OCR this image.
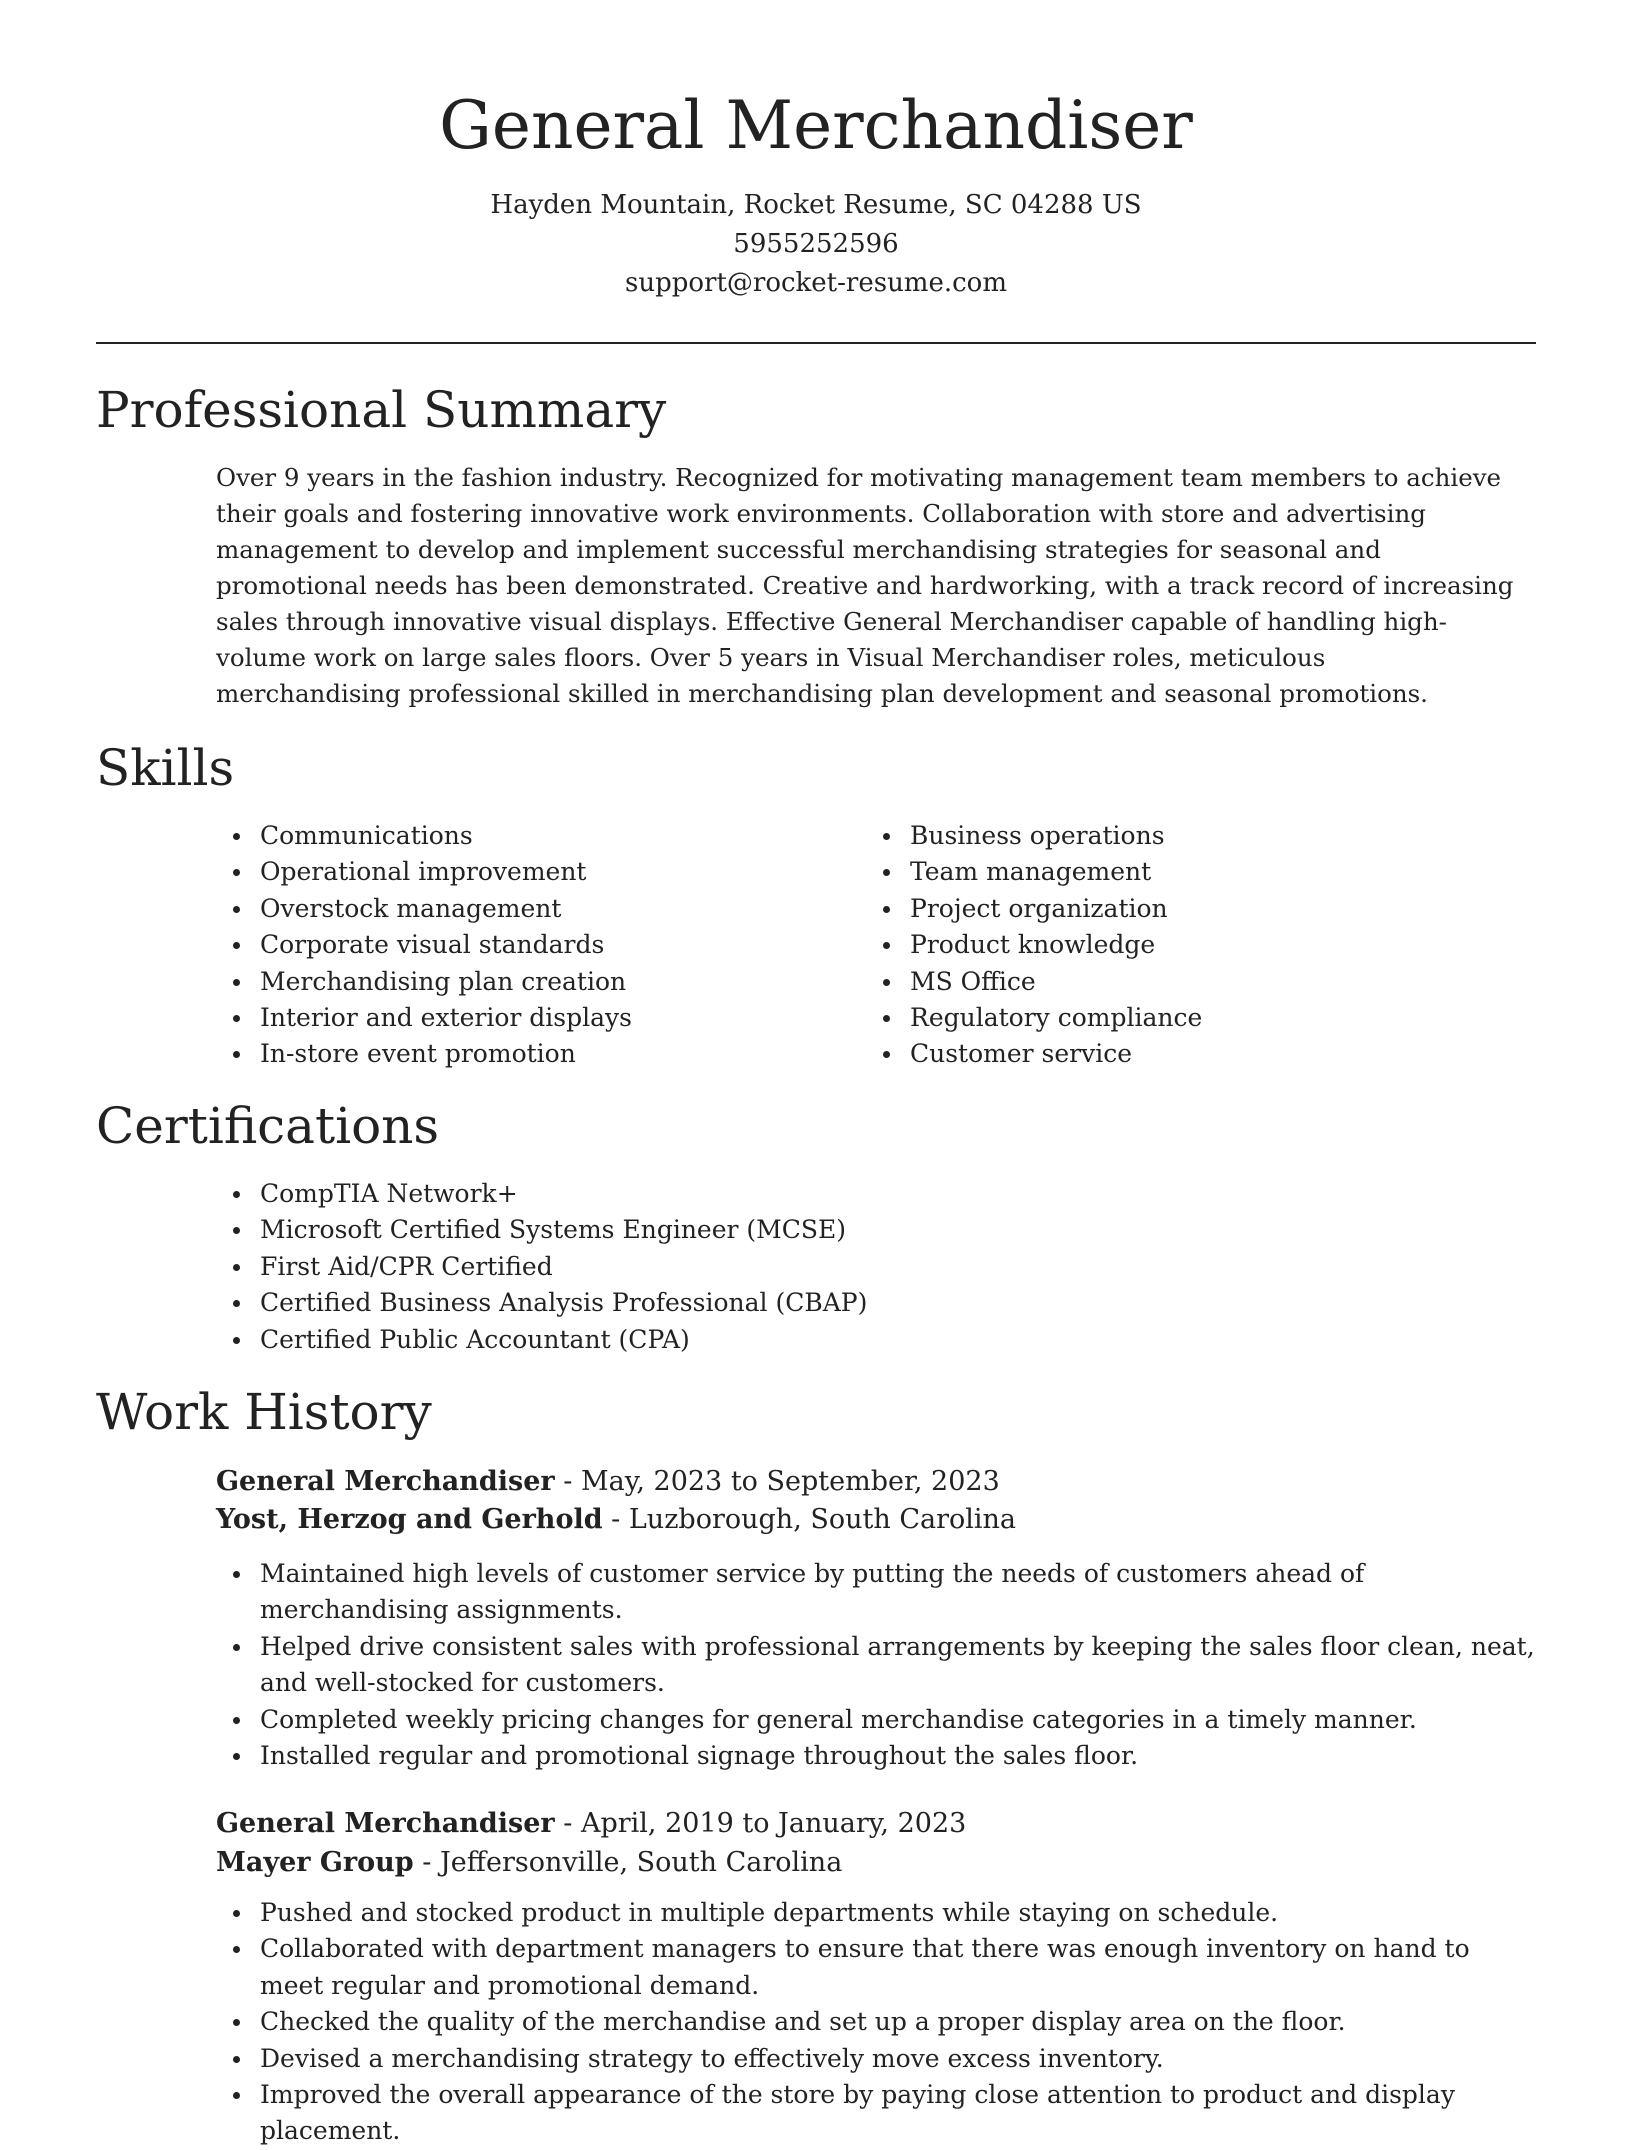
General Merchandiser
Hayden Mountain, Rocket Resume, SC 04288 US
5955252596
support@rocket-resume.com
Professional Summary

Over 9 years in the fashion industry. Recognized for motivating management team members to achieve their goals and fostering innovative work environments. Collaboration with store and advertising management to develop and implement successful merchandising strategies for seasonal and promotional needs has been demonstrated. Creative and hardworking, with a track record of increasing sales through innovative visual displays. Effective General Merchandiser capable of handling high-volume work on large sales floors. Over 5 years in Visual Merchandiser roles, meticulous merchandising professional skilled in merchandising plan development and seasonal promotions.

Skills
Communications
Operational improvement
Overstock management
Corporate visual standards
Merchandising plan creation
Interior and exterior displays
In-store event promotion
Business operations
Team management
Project organization
Product knowledge
MS Office
Regulatory compliance
Customer service
Certifications
CompTIA Network+
Microsoft Certified Systems Engineer (MCSE)
First Aid/CPR Certified
Certified Business Analysis Professional (CBAP)
Certified Public Accountant (CPA)
Work History
General Merchandiser - May, 2023 to September, 2023
Yost, Herzog and Gerhold - Luzborough, South Carolina
Maintained high levels of customer service by putting the needs of customers ahead of merchandising assignments.
Helped drive consistent sales with professional arrangements by keeping the sales floor clean, neat, and well-stocked for customers.
Completed weekly pricing changes for general merchandise categories in a timely manner.
Installed regular and promotional signage throughout the sales floor.
General Merchandiser - April, 2019 to January, 2023
Mayer Group - Jeffersonville, South Carolina
Pushed and stocked product in multiple departments while staying on schedule.
Collaborated with department managers to ensure that there was enough inventory on hand to meet regular and promotional demand.
Checked the quality of the merchandise and set up a proper display area on the floor.
Devised a merchandising strategy to effectively move excess inventory.
Improved the overall appearance of the store by paying close attention to product and display placement.
